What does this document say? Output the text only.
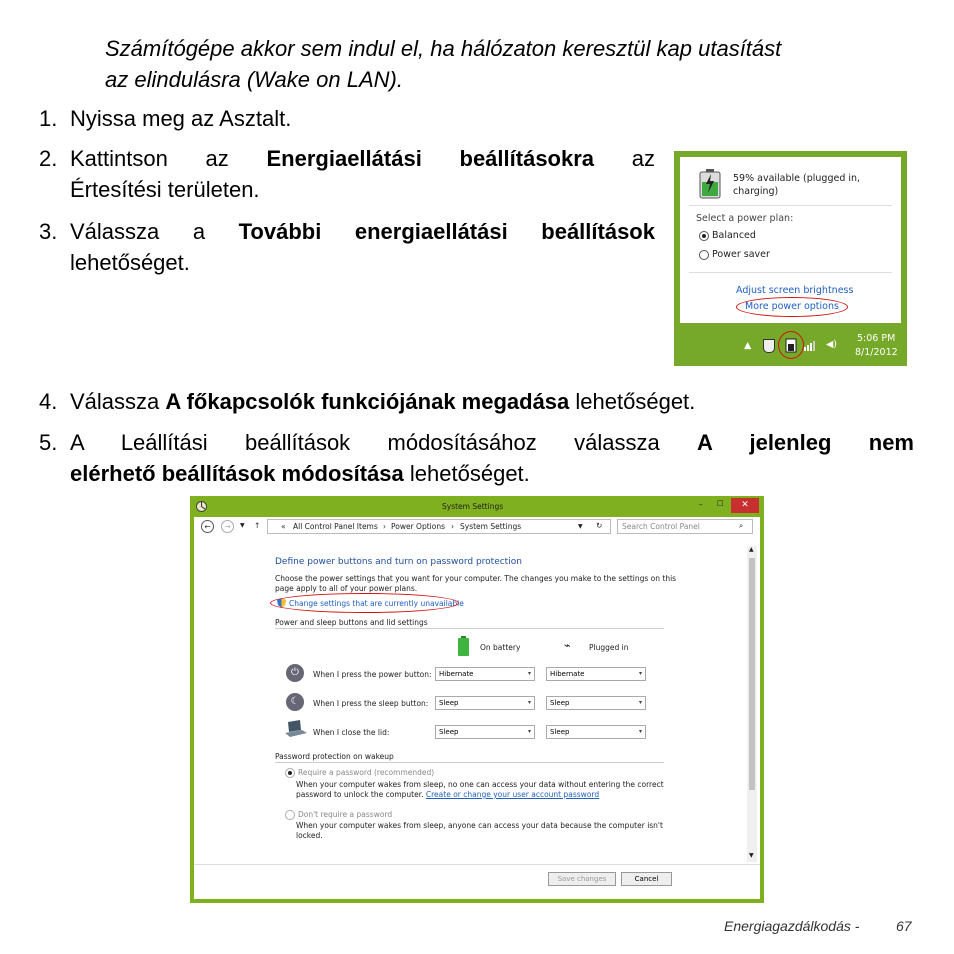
Számítógépe akkor sem indul el, ha hálózaton keresztül kap utasítást
az elindulásra (Wake on LAN).
1. Nyissa meg az Asztalt.
2. Kattintson az Energiaellátási beállításokra az
Értesítési területen.
3. Válassza a További energiaellátási beállítások
lehetőséget.
59% available (plugged in,
charging)
Select a power plan:
Balanced
Power saver
Adjust screen brightness
More power options
▲	◀)
5:06 PM
8/1/2012
4. Válassza A főkapcsolók funkciójának megadása lehetőséget.
5. A Leállítási beállítások módosításához válassza A jelenleg nem
elérhető beállítások módosítása lehetőséget.
System Settings	– ☐	✕
←	→	▼ ↑	« All Control Panel Items › Power Options › System Settings	▼ ↻	Search Control Panel	⌕
Define power buttons and turn on password protection
Choose the power settings that you want for your computer. The changes you make to the settings on this
page apply to all of your power plans.
Change settings that are currently unavailable
Power and sleep buttons and lid settings
On battery	⌁ Plugged in
⏻	When I press the power button:	Hibernate	▾	Hibernate	▾
☾	When I press the sleep button:	Sleep	▾	Sleep	▾
When I close the lid:	Sleep	▾	Sleep	▾
Password protection on wakeup
Require a password (recommended)
When your computer wakes from sleep, no one can access your data without entering the correct
password to unlock the computer. Create or change your user account password
Don't require a password
When your computer wakes from sleep, anyone can access your data because the computer isn't
locked.
▲
▼
Save changes	Cancel
Energiagazdálkodás -	67
